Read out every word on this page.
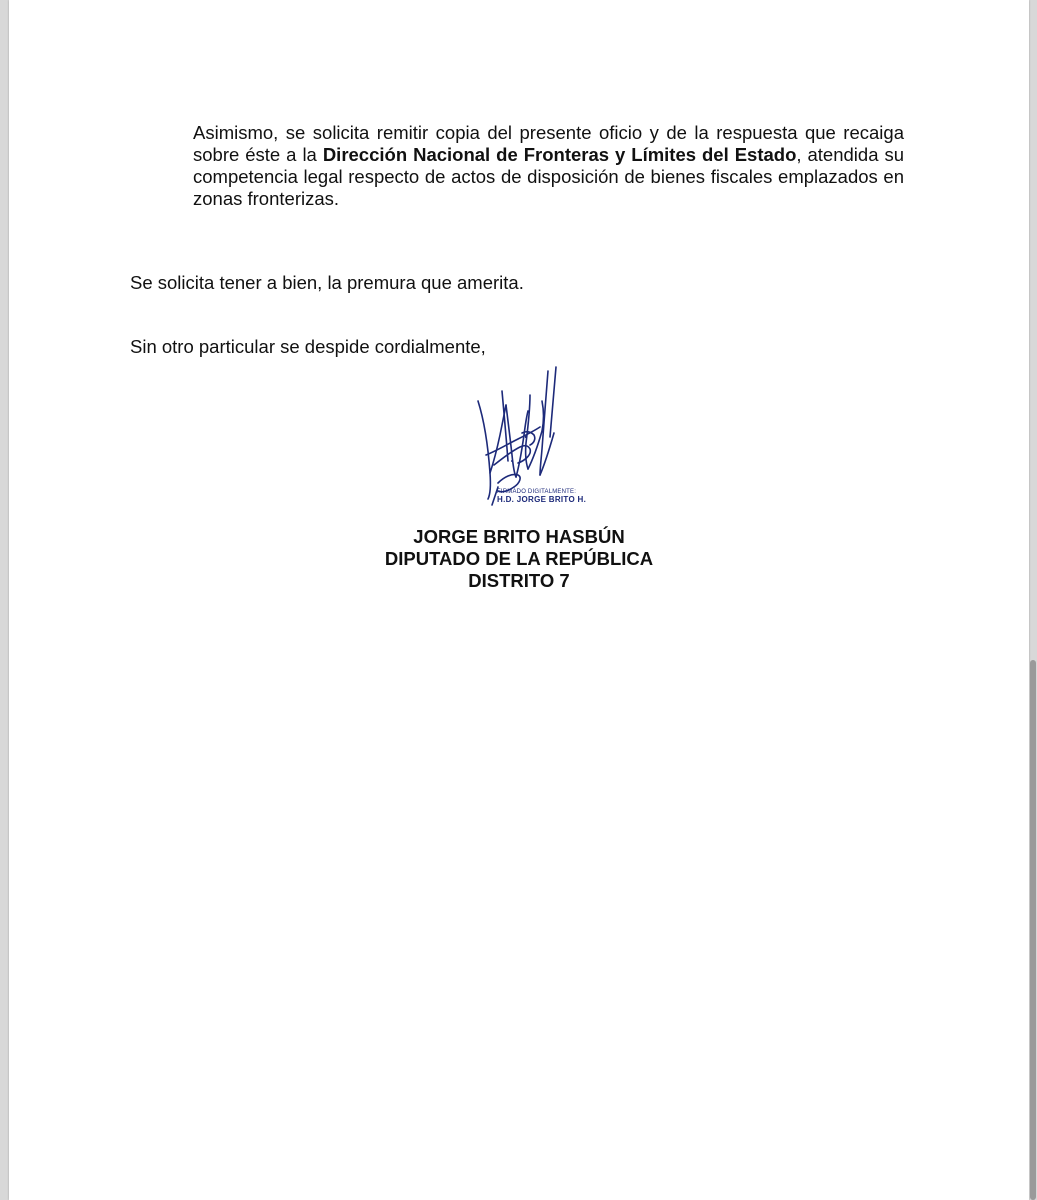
Asimismo, se solicita remitir copia del presente oficio y de la respuesta que recaiga sobre éste a la Dirección Nacional de Fronteras y Límites del Estado, atendida su competencia legal respecto de actos de disposición de bienes fiscales emplazados en zonas fronterizas.

Se solicita tener a bien, la premura que amerita.

Sin otro particular se despide cordialmente,

FIRMADO DIGITALMENTE:
H.D. JORGE BRITO H.
JORGE BRITO HASBÚN
DIPUTADO DE LA REPÚBLICA
DISTRITO 7
